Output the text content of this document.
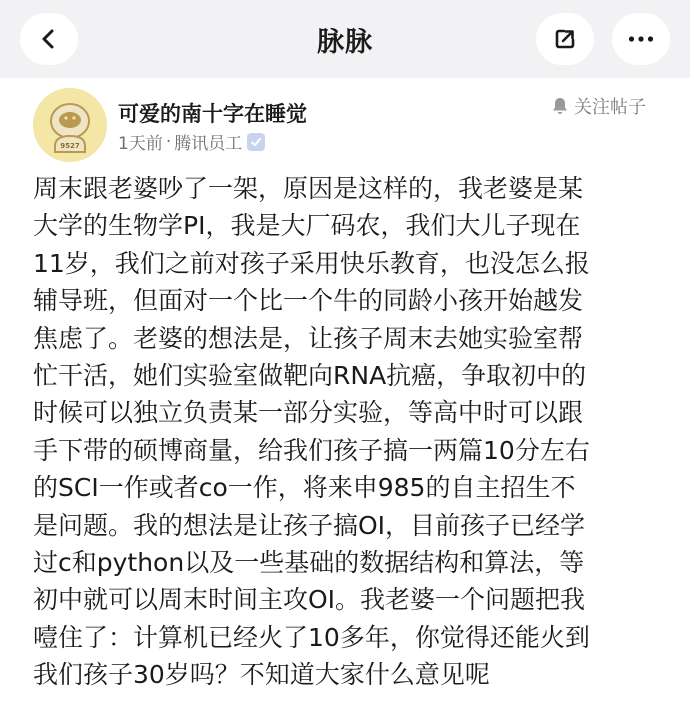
脉脉
9527
可爱的南十字在睡觉
1天前 · 腾讯员工
关注帖子
周末跟老婆吵了一架，原因是这样的，我老婆是某
大学的生物学PI，我是大厂码农，我们大儿子现在
11岁，我们之前对孩子采用快乐教育，也没怎么报
辅导班，但面对一个比一个牛的同龄小孩开始越发
焦虑了。老婆的想法是，让孩子周末去她实验室帮
忙干活，她们实验室做靶向RNA抗癌，争取初中的
时候可以独立负责某一部分实验，等高中时可以跟
手下带的硕博商量，给我们孩子搞一两篇10分左右
的SCI一作或者co一作，将来申985的自主招生不
是问题。我的想法是让孩子搞OI，目前孩子已经学
过c和python以及一些基础的数据结构和算法，等
初中就可以周末时间主攻OI。我老婆一个问题把我
噎住了：计算机已经火了10多年，你觉得还能火到
我们孩子30岁吗？不知道大家什么意见呢
